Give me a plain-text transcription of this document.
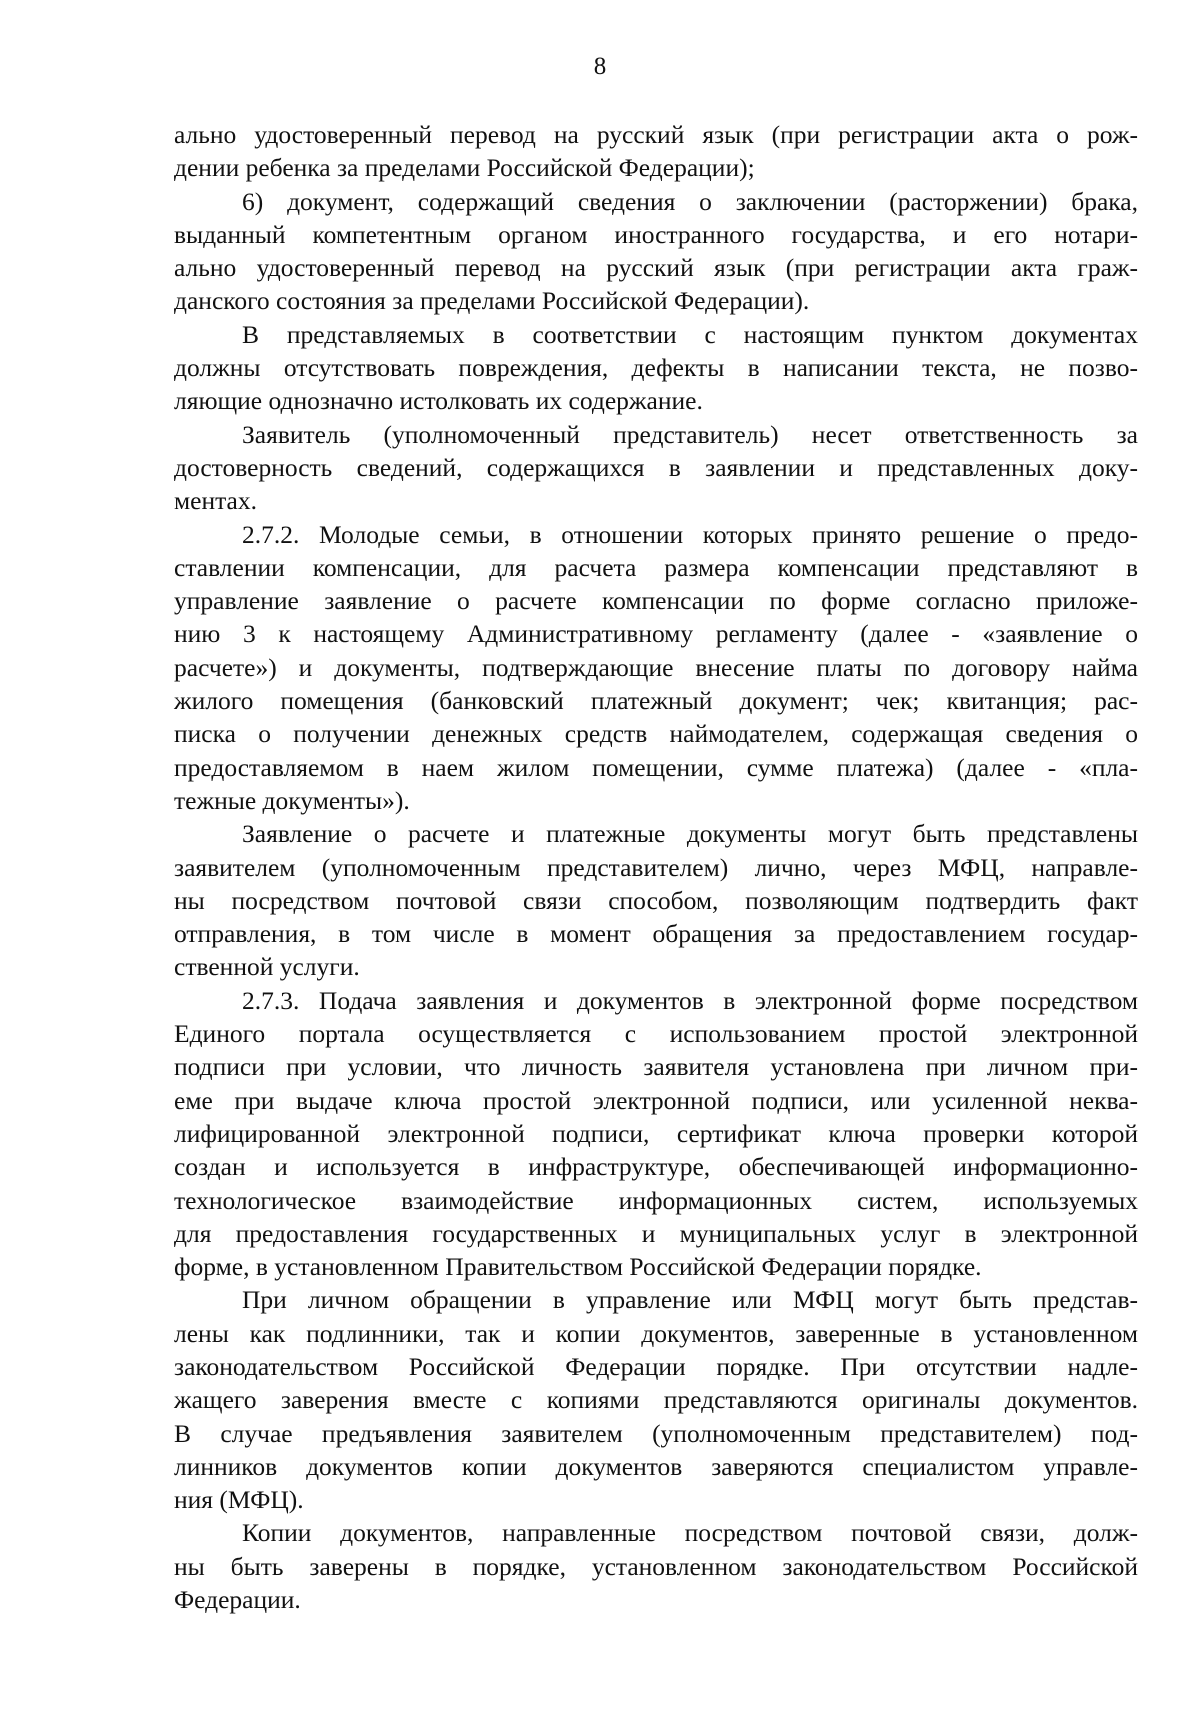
8

ально удостоверенный перевод на русский язык (при регистрации акта о рож-
дении ребенка за пределами Российской Федерации);

6) документ, содержащий сведения о заключении (расторжении) брака,
выданный компетентным органом иностранного государства, и его нотари-
ально удостоверенный перевод на русский язык (при регистрации акта граж-
данского состояния за пределами Российской Федерации).

В представляемых в соответствии с настоящим пунктом документах
должны отсутствовать повреждения, дефекты в написании текста, не позво-
ляющие однозначно истолковать их содержание.

Заявитель (уполномоченный представитель) несет ответственность за
достоверность сведений, содержащихся в заявлении и представленных доку-
ментах.

2.7.2. Молодые семьи, в отношении которых принято решение о предо-
ставлении компенсации, для расчета размера компенсации представляют в
управление заявление о расчете компенсации по форме согласно приложе-
нию 3 к настоящему Административному регламенту (далее - «заявление о
расчете») и документы, подтверждающие внесение платы по договору найма
жилого помещения (банковский платежный документ; чек; квитанция; рас-
писка о получении денежных средств наймодателем, содержащая сведения о
предоставляемом в наем жилом помещении, сумме платежа) (далее - «пла-
тежные документы»).

Заявление о расчете и платежные документы могут быть представлены
заявителем (уполномоченным представителем) лично, через МФЦ, направле-
ны посредством почтовой связи способом, позволяющим подтвердить факт
отправления, в том числе в момент обращения за предоставлением государ-
ственной услуги.

2.7.3. Подача заявления и документов в электронной форме посредством
Единого портала осуществляется с использованием простой электронной
подписи при условии, что личность заявителя установлена при личном при-
еме при выдаче ключа простой электронной подписи, или усиленной неква-
лифицированной электронной подписи, сертификат ключа проверки которой
создан и используется в инфраструктуре, обеспечивающей информационно-
технологическое взаимодействие информационных систем, используемых
для предоставления государственных и муниципальных услуг в электронной
форме, в установленном Правительством Российской Федерации порядке.

При личном обращении в управление или МФЦ могут быть представ-
лены как подлинники, так и копии документов, заверенные в установленном
законодательством Российской Федерации порядке. При отсутствии надле-
жащего заверения вместе с копиями представляются оригиналы документов.
В случае предъявления заявителем (уполномоченным представителем) под-
линников документов копии документов заверяются специалистом управле-
ния (МФЦ).

Копии документов, направленные посредством почтовой связи, долж-
ны быть заверены в порядке, установленном законодательством Российской
Федерации.
